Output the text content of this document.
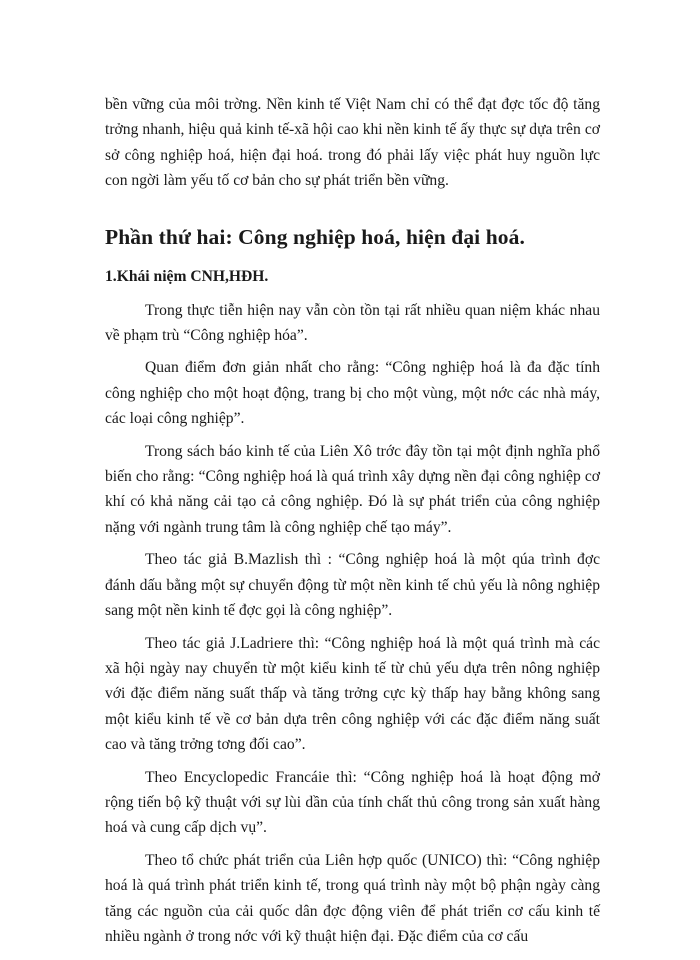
bền vững của môi trờng. Nền kinh tế Việt Nam chỉ có thể đạt đợc tốc độ tăng trởng nhanh, hiệu quả kinh tế-xã hội cao khi nền kinh tế ấy thực sự dựa trên cơ sở công nghiệp hoá, hiện đại hoá. trong đó phải lấy việc phát huy nguồn lực con ngời làm yếu tố cơ bản cho sự phát triển bền vững.

Phần thứ hai: Công nghiệp hoá, hiện đại hoá.
1.Khái niệm CNH,HĐH.

Trong thực tiễn hiện nay vẫn còn tồn tại rất nhiều quan niệm khác nhau về phạm trù “Công nghiệp hóa”.

Quan điểm đơn giản nhất cho rằng: “Công nghiệp hoá là đa đặc tính công nghiệp cho một hoạt động, trang bị cho một vùng, một nớc các nhà máy, các loại công nghiệp”.

Trong sách báo kinh tế của Liên Xô trớc đây tồn tại một định nghĩa phổ biến cho rằng: “Công nghiệp hoá là quá trình xây dựng nền đại công nghiệp cơ khí có khả năng cải tạo cả công nghiệp. Đó là sự phát triển của công nghiệp nặng với ngành trung tâm là công nghiệp chế tạo máy”.

Theo tác giả B.Mazlish thì : “Công nghiệp hoá là một qúa trình đợc đánh dấu bằng một sự chuyển động từ một nền kinh tế chủ yếu là nông nghiệp sang một nền kinh tế đợc gọi là công nghiệp”.

Theo tác giả J.Ladriere thì: “Công nghiệp hoá là một quá trình mà các xã hội ngày nay chuyển từ một kiểu kinh tế từ chủ yếu dựa trên nông nghiệp với đặc điểm năng suất thấp và tăng trởng cực kỳ thấp hay bằng không sang một kiểu kinh tế về cơ bản dựa trên công nghiệp với các đặc điểm năng suất cao và tăng trởng tơng đối cao”.

Theo Encyclopedic Francáie thì: “Công nghiệp hoá là hoạt động mở rộng tiến bộ kỹ thuật với sự lùi dần của tính chất thủ công trong sản xuất hàng hoá và cung cấp dịch vụ”.

Theo tổ chức phát triển của Liên hợp quốc (UNICO) thì: “Công nghiệp hoá là quá trình phát triển kinh tế, trong quá trình này một bộ phận ngày càng tăng các nguồn của cải quốc dân đợc động viên để phát triển cơ cấu kinh tế nhiều ngành ở trong nớc với kỹ thuật hiện đại. Đặc điểm của cơ cấu
